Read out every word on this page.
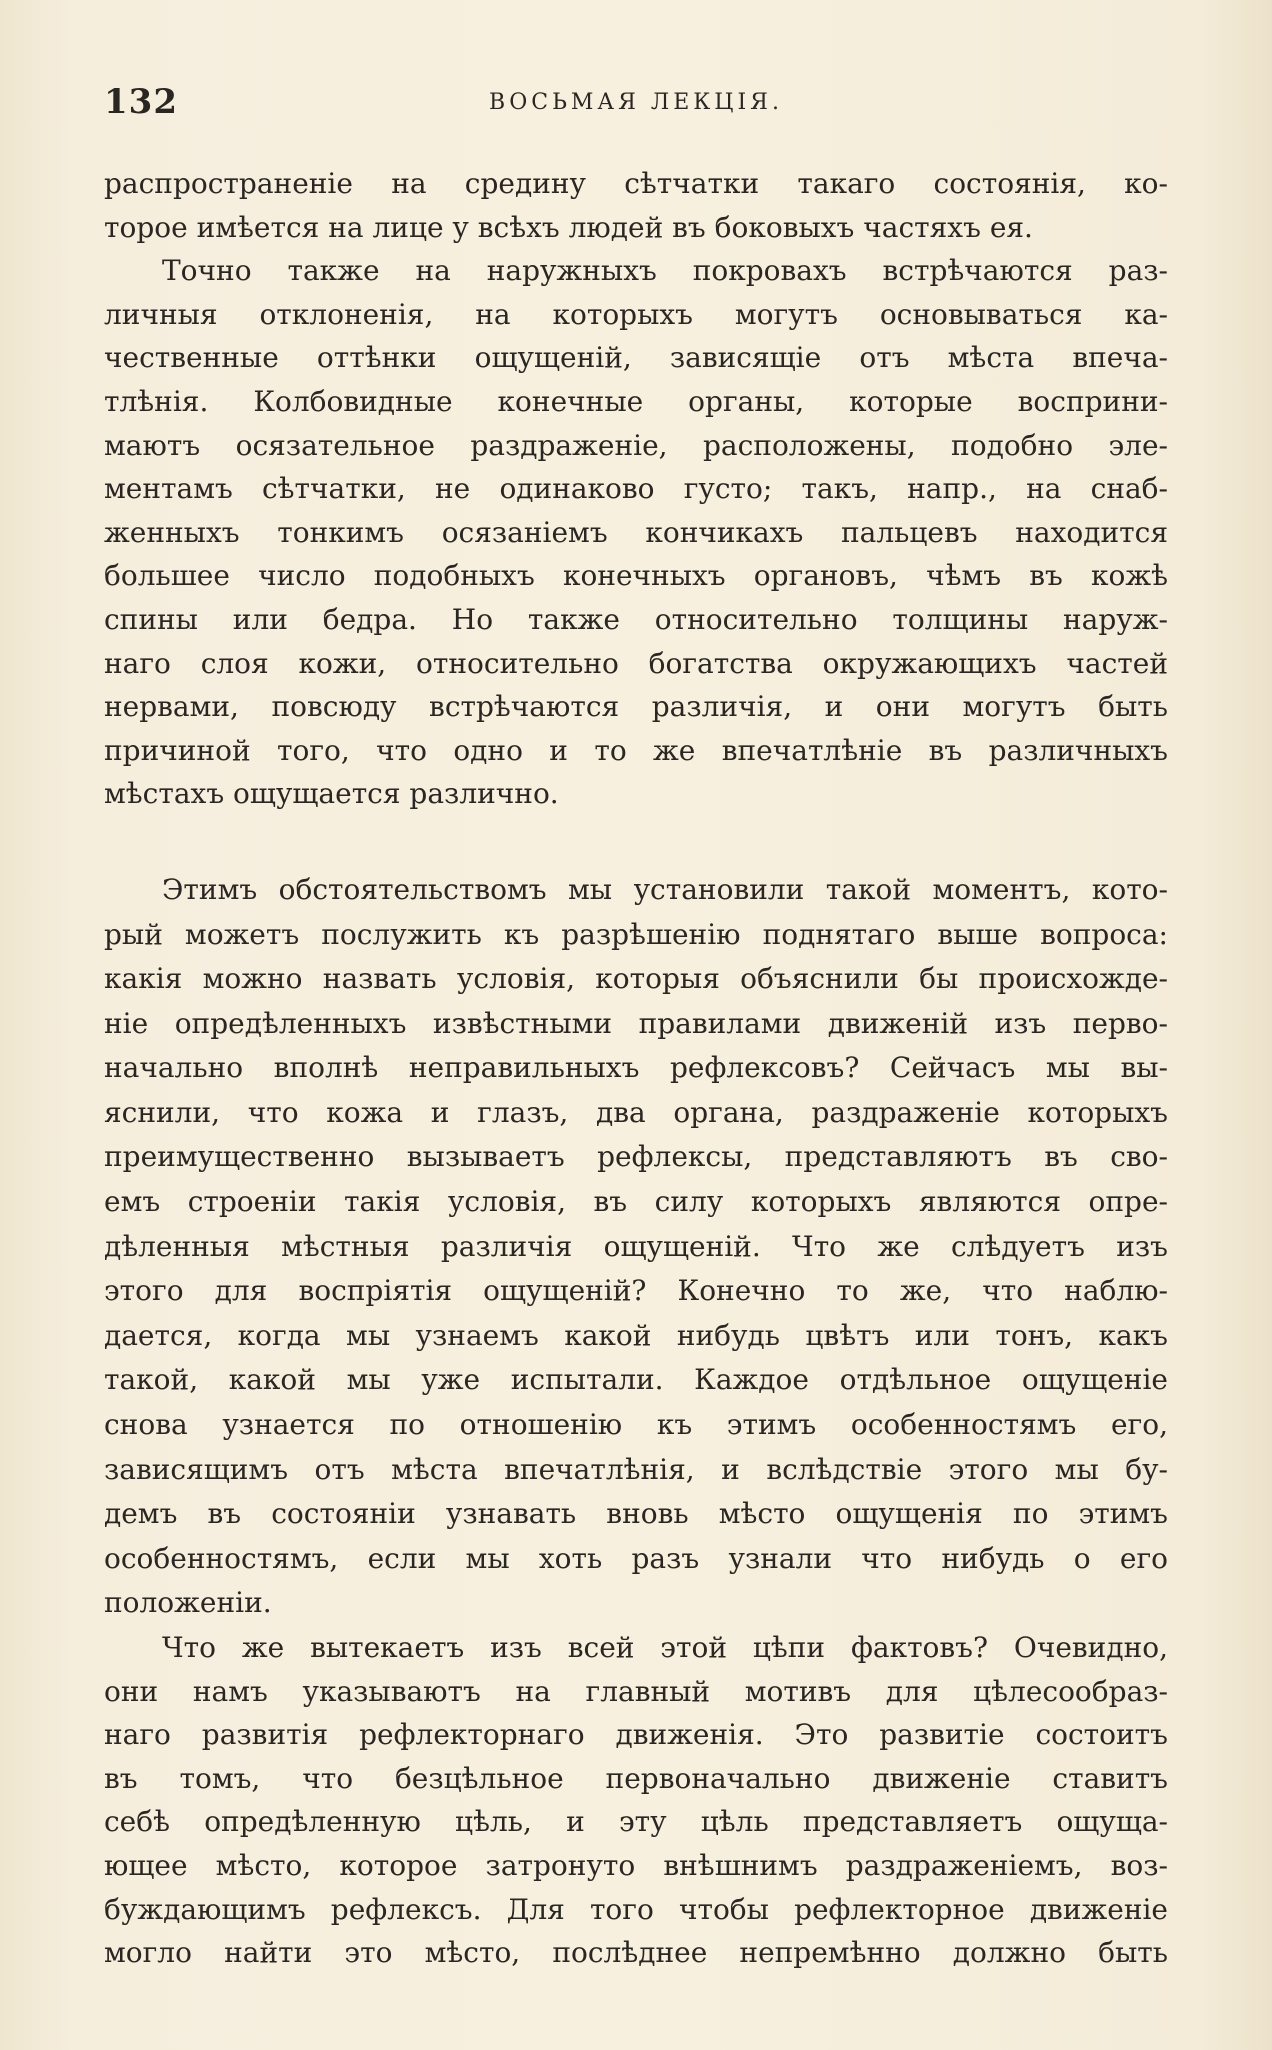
132	ВОСЬМАЯ ЛЕКЦІЯ.
распространеніе на средину сѣтчатки такаго состоянія, ко-
торое имѣется на лице у всѣхъ людей въ боковыхъ частяхъ ея.
Точно также на наружныхъ покровахъ встрѣчаются раз-
личныя отклоненія, на которыхъ могутъ основываться ка-
чественные оттѣнки ощущеній, зависящіе отъ мѣста впеча-
тлѣнія. Колбовидные конечные органы, которые восприни-
маютъ осязательное раздраженіе, расположены, подобно эле-
ментамъ сѣтчатки, не одинаково густо; такъ, напр., на снаб-
женныхъ тонкимъ осязаніемъ кончикахъ пальцевъ находится
большее число подобныхъ конечныхъ органовъ, чѣмъ въ кожѣ
спины или бедра. Но также относительно толщины наруж-
наго слоя кожи, относительно богатства окружающихъ частей
нервами, повсюду встрѣчаются различія, и они могутъ быть
причиной того, что одно и то же впечатлѣніе въ различныхъ
мѣстахъ ощущается различно.
Этимъ обстоятельствомъ мы установили такой моментъ, кото-
рый можетъ послужить къ разрѣшенію поднятаго выше вопроса:
какія можно назвать условія, которыя объяснили бы происхожде-
ніе опредѣленныхъ извѣстными правилами движеній изъ перво-
начально вполнѣ неправильныхъ рефлексовъ? Сейчасъ мы вы-
яснили, что кожа и глазъ, два органа, раздраженіе которыхъ
преимущественно вызываетъ рефлексы, представляютъ въ сво-
емъ строеніи такія условія, въ силу которыхъ являются опре-
дѣленныя мѣстныя различія ощущеній. Что же слѣдуетъ изъ
этого для воспріятія ощущеній? Конечно то же, что наблю-
дается, когда мы узнаемъ какой нибудь цвѣтъ или тонъ, какъ
такой, какой мы уже испытали. Каждое отдѣльное ощущеніе
снова узнается по отношенію къ этимъ особенностямъ его,
зависящимъ отъ мѣста впечатлѣнія, и вслѣдствіе этого мы бу-
демъ въ состояніи узнавать вновь мѣсто ощущенія по этимъ
особенностямъ, если мы хоть разъ узнали что нибудь о его
положеніи.
Что же вытекаетъ изъ всей этой цѣпи фактовъ? Очевидно,
они намъ указываютъ на главный мотивъ для цѣлесообраз-
наго развитія рефлекторнаго движенія. Это развитіе состоитъ
въ томъ, что безцѣльное первоначально движеніе ставитъ
себѣ опредѣленную цѣль, и эту цѣль представляетъ ощуща-
ющее мѣсто, которое затронуто внѣшнимъ раздраженіемъ, воз-
буждающимъ рефлексъ. Для того чтобы рефлекторное движеніе
могло найти это мѣсто, послѣднее непремѣнно должно быть
